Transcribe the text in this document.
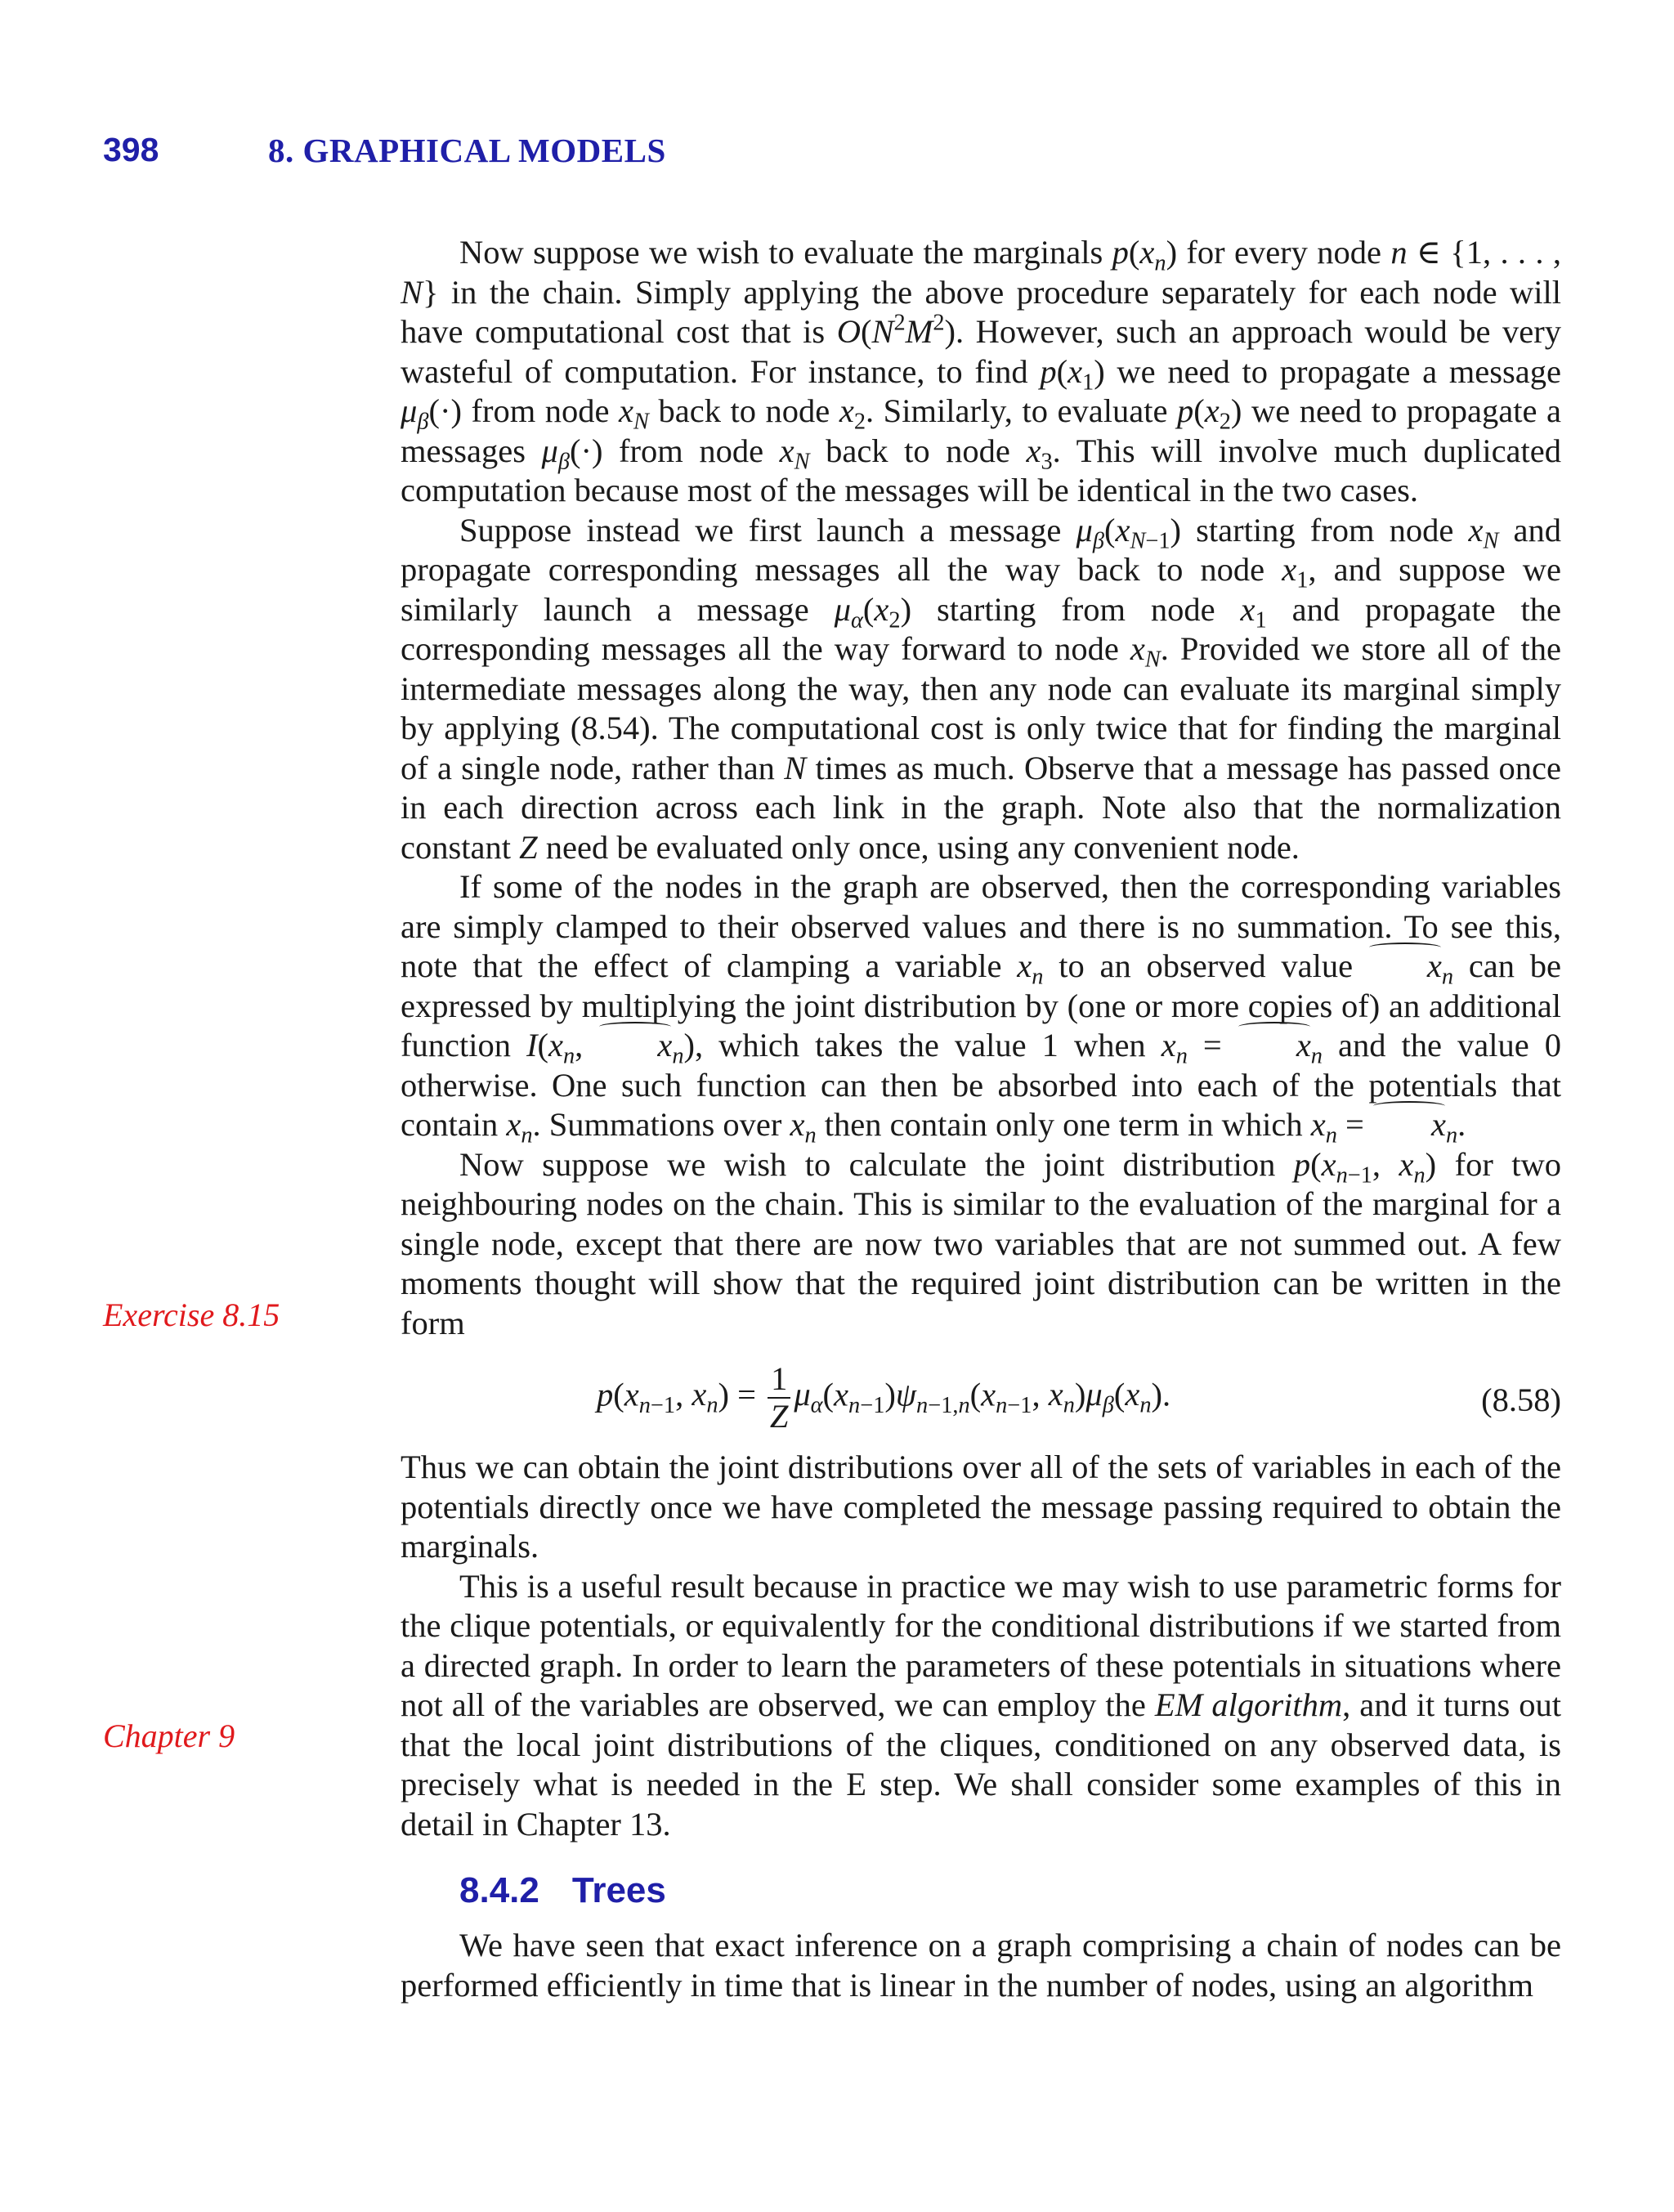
398	8. GRAPHICAL MODELS
Exercise 8.15
Chapter 9

Now suppose we wish to evaluate the marginals $p(x_n)$ for every node n ∈ {1, . . . , N} in the chain. Simply applying the above procedure separately for each node will have computational cost that is $O(N^2M^2)$. However, such an approach would be very wasteful of computation. For instance, to find $p(x_1)$ we need to propagate a message $\mu_\beta(\cdot)$ from node $x_N$ back to node $x_2$. Similarly, to evaluate $p(x_2)$ we need to propagate a messages $\mu_\beta(\cdot)$ from node $x_N$ back to node $x_3$. This will involve much duplicated computation because most of the messages will be identical in the two cases.

Suppose instead we first launch a message $\mu_\beta(x_{N-1})$ starting from node $x_N$ and propagate corresponding messages all the way back to node $x_1$, and suppose we similarly launch a message $\mu_\alpha(x_2)$ starting from node $x_1$ and propagate the corresponding messages all the way forward to node $x_N$. Provided we store all of the intermediate messages along the way, then any node can evaluate its marginal simply by applying (8.54). The computational cost is only twice that for finding the marginal of a single node, rather than N times as much. Observe that a message has passed once in each direction across each link in the graph. Note also that the normalization constant Z need be evaluated only once, using any convenient node.

If some of the nodes in the graph are observed, then the corresponding variables are simply clamped to their observed values and there is no summation. To see this, note that the effect of clamping a variable $x_n$ to an observed value $x_n$ can be expressed by multiplying the joint distribution by (one or more copies of) an additional function $I(x_n$, $x_n$), which takes the value 1 when $x_n = x_n$ and the value 0 otherwise. One such function can then be absorbed into each of the potentials that contain $x_n$. Summations over $x_n$ then contain only one term in which $x_n = x_n$.

Now suppose we wish to calculate the joint distribution $p(x_{n-1}$, $x_n$) for two neighbouring nodes on the chain. This is similar to the evaluation of the marginal for a single node, except that there are now two variables that are not summed out. A few moments thought will show that the required joint distribution can be written in the form

$p(x_{n-1}$, $x_n) = \frac{1}{Z} \mu_\alpha(x_{n-1})\psi_{n-1,n}(x_{n-1}$, $x_n)\mu_\beta(x_n)$.	(8.58)

Thus we can obtain the joint distributions over all of the sets of variables in each of the potentials directly once we have completed the message passing required to obtain the marginals.

This is a useful result because in practice we may wish to use parametric forms for the clique potentials, or equivalently for the conditional distributions if we started from a directed graph. In order to learn the parameters of these potentials in situations where not all of the variables are observed, we can employ the EM algorithm, and it turns out that the local joint distributions of the cliques, conditioned on any observed data, is precisely what is needed in the E step. We shall consider some examples of this in detail in Chapter 13.

8.4.2 Trees

We have seen that exact inference on a graph comprising a chain of nodes can be performed efficiently in time that is linear in the number of nodes, using an algorithm
